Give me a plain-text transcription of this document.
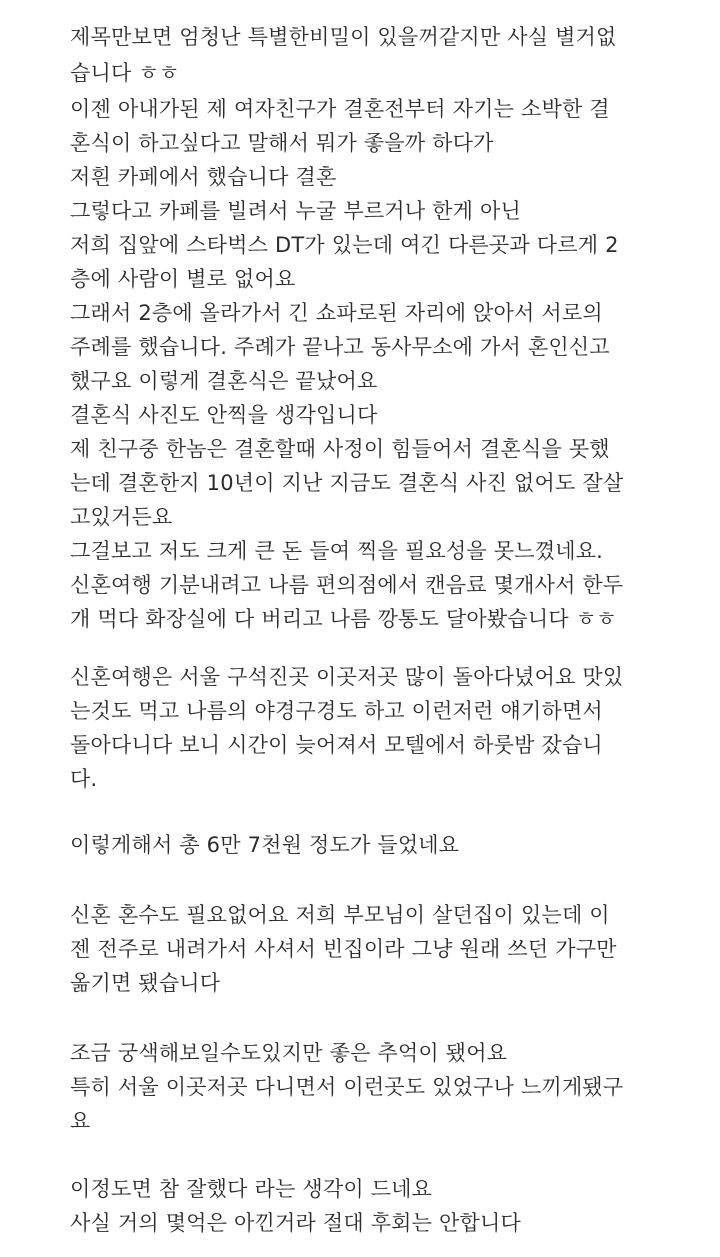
제목만보면 엄청난 특별한비밀이 있을꺼같지만 사실 별거없
습니다 ㅎㅎ
이젠 아내가된 제 여자친구가 결혼전부터 자기는 소박한 결
혼식이 하고싶다고 말해서 뭐가 좋을까 하다가
저흰 카페에서 했습니다 결혼
그렇다고 카페를 빌려서 누굴 부르거나 한게 아닌
저희 집앞에 스타벅스 DT가 있는데 여긴 다른곳과 다르게 2
층에 사람이 별로 없어요
그래서 2층에 올라가서 긴 쇼파로된 자리에 앉아서 서로의
주례를 했습니다. 주례가 끝나고 동사무소에 가서 혼인신고
했구요 이렇게 결혼식은 끝났어요
결혼식 사진도 안찍을 생각입니다
제 친구중 한놈은 결혼할때 사정이 힘들어서 결혼식을 못했
는데 결혼한지 10년이 지난 지금도 결혼식 사진 없어도 잘살
고있거든요
그걸보고 저도 크게 큰 돈 들여 찍을 필요성을 못느꼈네요.
신혼여행 기분내려고 나름 편의점에서 캔음료 몇개사서 한두
개 먹다 화장실에 다 버리고 나름 깡통도 달아봤습니다 ㅎㅎ
신혼여행은 서울 구석진곳 이곳저곳 많이 돌아다녔어요 맛있
는것도 먹고 나름의 야경구경도 하고 이런저런 얘기하면서
돌아다니다 보니 시간이 늦어져서 모텔에서 하룻밤 잤습니
다.
이렇게해서 총 6만 7천원 정도가 들었네요
신혼 혼수도 필요없어요 저희 부모님이 살던집이 있는데 이
젠 전주로 내려가서 사셔서 빈집이라 그냥 원래 쓰던 가구만
옮기면 됐습니다
조금 궁색해보일수도있지만 좋은 추억이 됐어요
특히 서울 이곳저곳 다니면서 이런곳도 있었구나 느끼게됐구
요
이정도면 참 잘했다 라는 생각이 드네요
사실 거의 몇억은 아낀거라 절대 후회는 안합니다
